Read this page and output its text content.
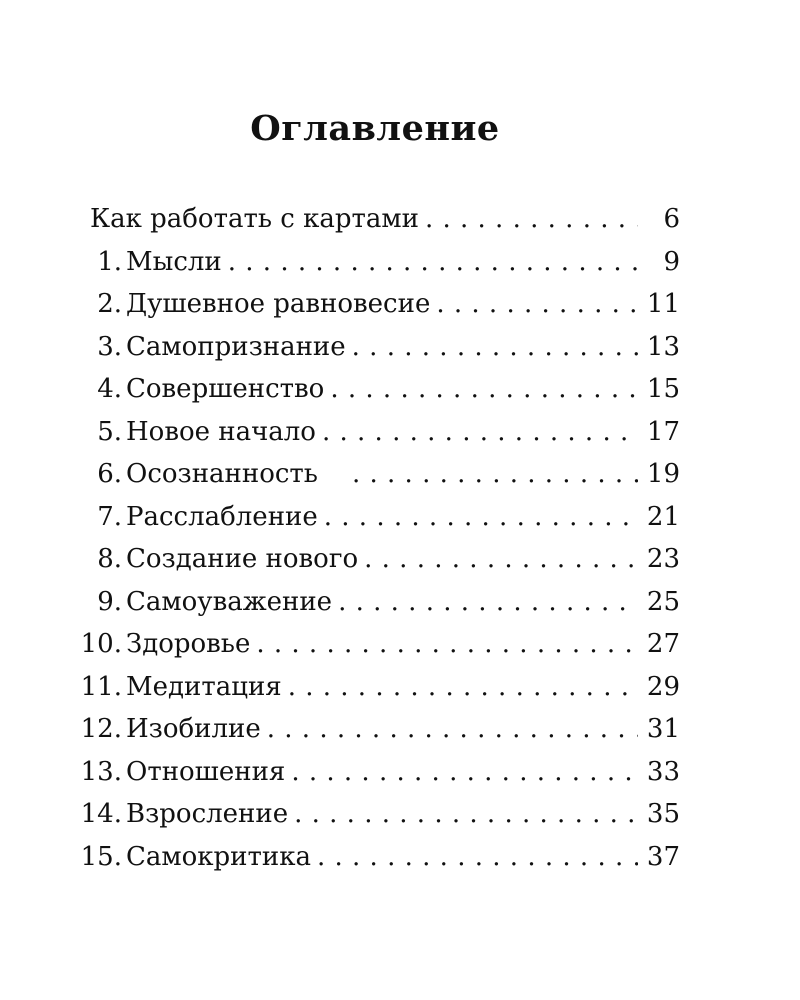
Оглавление
Как работать с картами . . .	6
1. Мысли . . .	9
2. Душевное равновесие . . .	11
3. Самопризнание . . .	13
4. Совершенство . . .	15
5. Новое начало . . .	17
6. Осознанность . . .	19
7. Расслабление . . .	21
8. Создание нового . . .	23
9. Самоуважение . . .	25
10. Здоровье . . .	27
11. Медитация . . .	29
12. Изобилие . . .	31
13. Отношения . . .	33
14. Взросление . . .	35
15. Самокритика . . .	37
